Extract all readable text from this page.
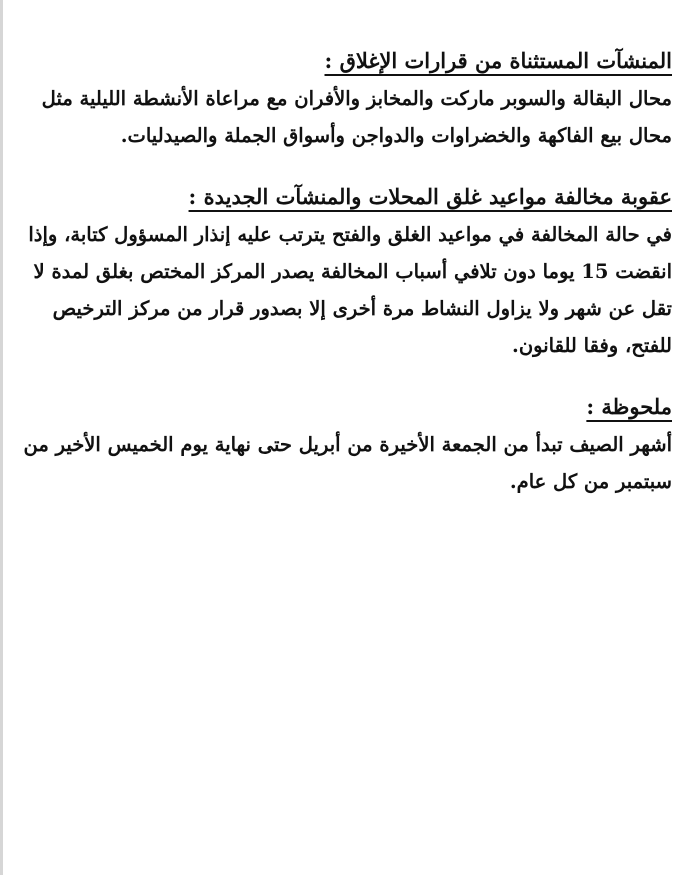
المنشآت المستثناة من قرارات الإغلاق :

محال البقالة والسوبر ماركت والمخابز والأفران مع مراعاة الأنشطة الليلية مثل محال بيع الفاكهة والخضراوات والدواجن وأسواق الجملة والصيدليات.

عقوبة مخالفة مواعيد غلق المحلات والمنشآت الجديدة :

في حالة المخالفة في مواعيد الغلق والفتح يترتب عليه إنذار المسؤول كتابة، وإذا انقضت 15 يوما دون تلافي أسباب المخالفة يصدر المركز المختص بغلق لمدة لا تقل عن شهر ولا يزاول النشاط مرة أخرى إلا بصدور قرار من مركز الترخيص للفتح، وفقا للقانون.

ملحوظة :

أشهر الصيف تبدأ من الجمعة الأخيرة من أبريل حتى نهاية يوم الخميس الأخير من سبتمبر من كل عام.
